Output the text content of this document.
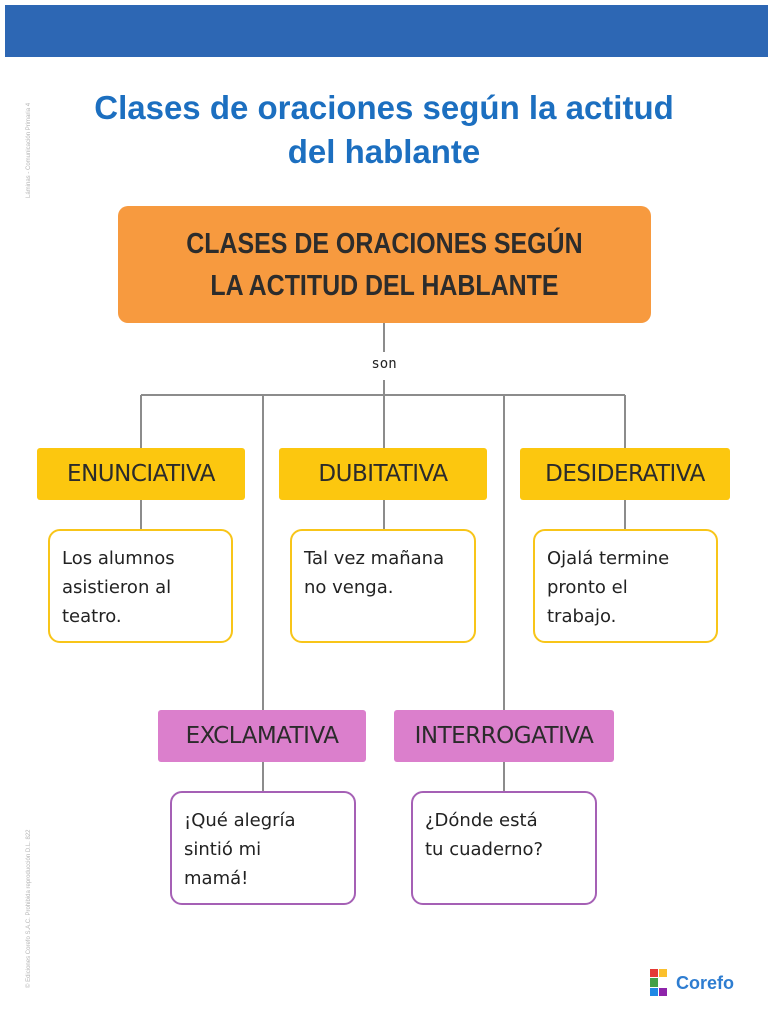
Láminas - Comunicación Primaria 4
© Ediciones Corefo S.A.C. Prohibida reproducción D.L. 822
Clases de oraciones según la actitud
del hablante
CLASES DE ORACIONES SEGÚN
LA ACTITUD DEL HABLANTE
son
ENUNCIATIVA	DUBITATIVA	DESIDERATIVA
Los alumnos
asistieron al
teatro.
Tal vez mañana
no venga.
Ojalá termine
pronto el
trabajo.
EXCLAMATIVA	INTERROGATIVA
¡Qué alegría
sintió mi
mamá!
¿Dónde está
tu cuaderno?
Corefo
